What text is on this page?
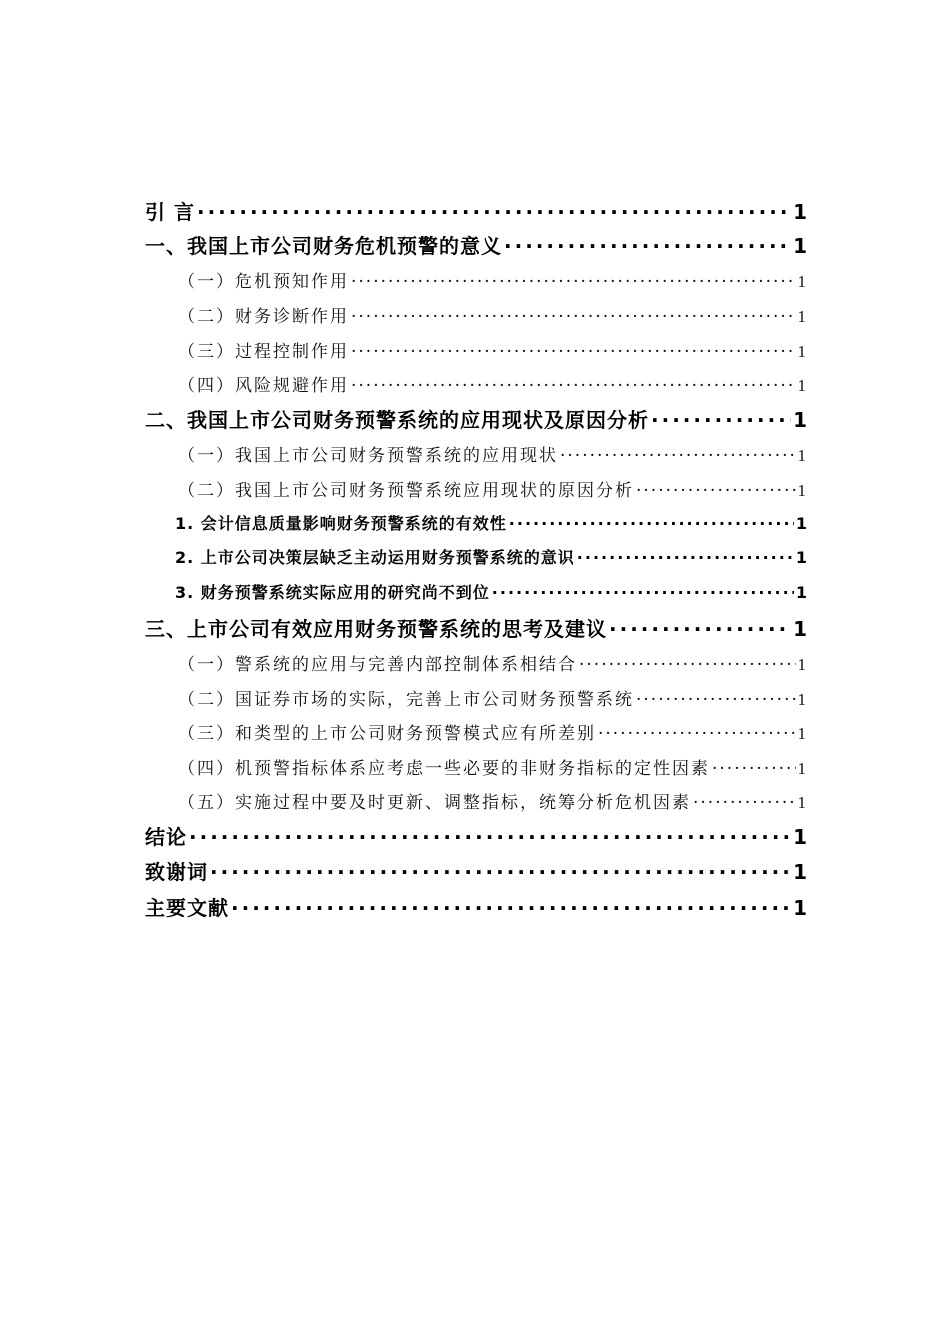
引 言 ·····	1
一、我国上市公司财务危机预警的意义 ·····	1
（一）危机预知作用 ·····	1
（二）财务诊断作用 ·····	1
（三）过程控制作用 ·····	1
（四）风险规避作用 ·····	1
二、我国上市公司财务预警系统的应用现状及原因分析 ·····	1
（一）我国上市公司财务预警系统的应用现状 ·····	1
（二）我国上市公司财务预警系统应用现状的原因分析 ·····	1
1. 会计信息质量影响财务预警系统的有效性 ·····	1
2. 上市公司决策层缺乏主动运用财务预警系统的意识 ·····	1
3. 财务预警系统实际应用的研究尚不到位 ·····	1
三、上市公司有效应用财务预警系统的思考及建议 ·····	1
（一）警系统的应用与完善内部控制体系相结合 ·····	1
（二）国证券市场的实际，完善上市公司财务预警系统 ·····	1
（三）和类型的上市公司财务预警模式应有所差别 ·····	1
（四）机预警指标体系应考虑一些必要的非财务指标的定性因素 ·····	1
（五）实施过程中要及时更新、调整指标，统筹分析危机因素 ·····	1
结论 ·····	1
致谢词 ·····	1
主要文献 ·····	1
